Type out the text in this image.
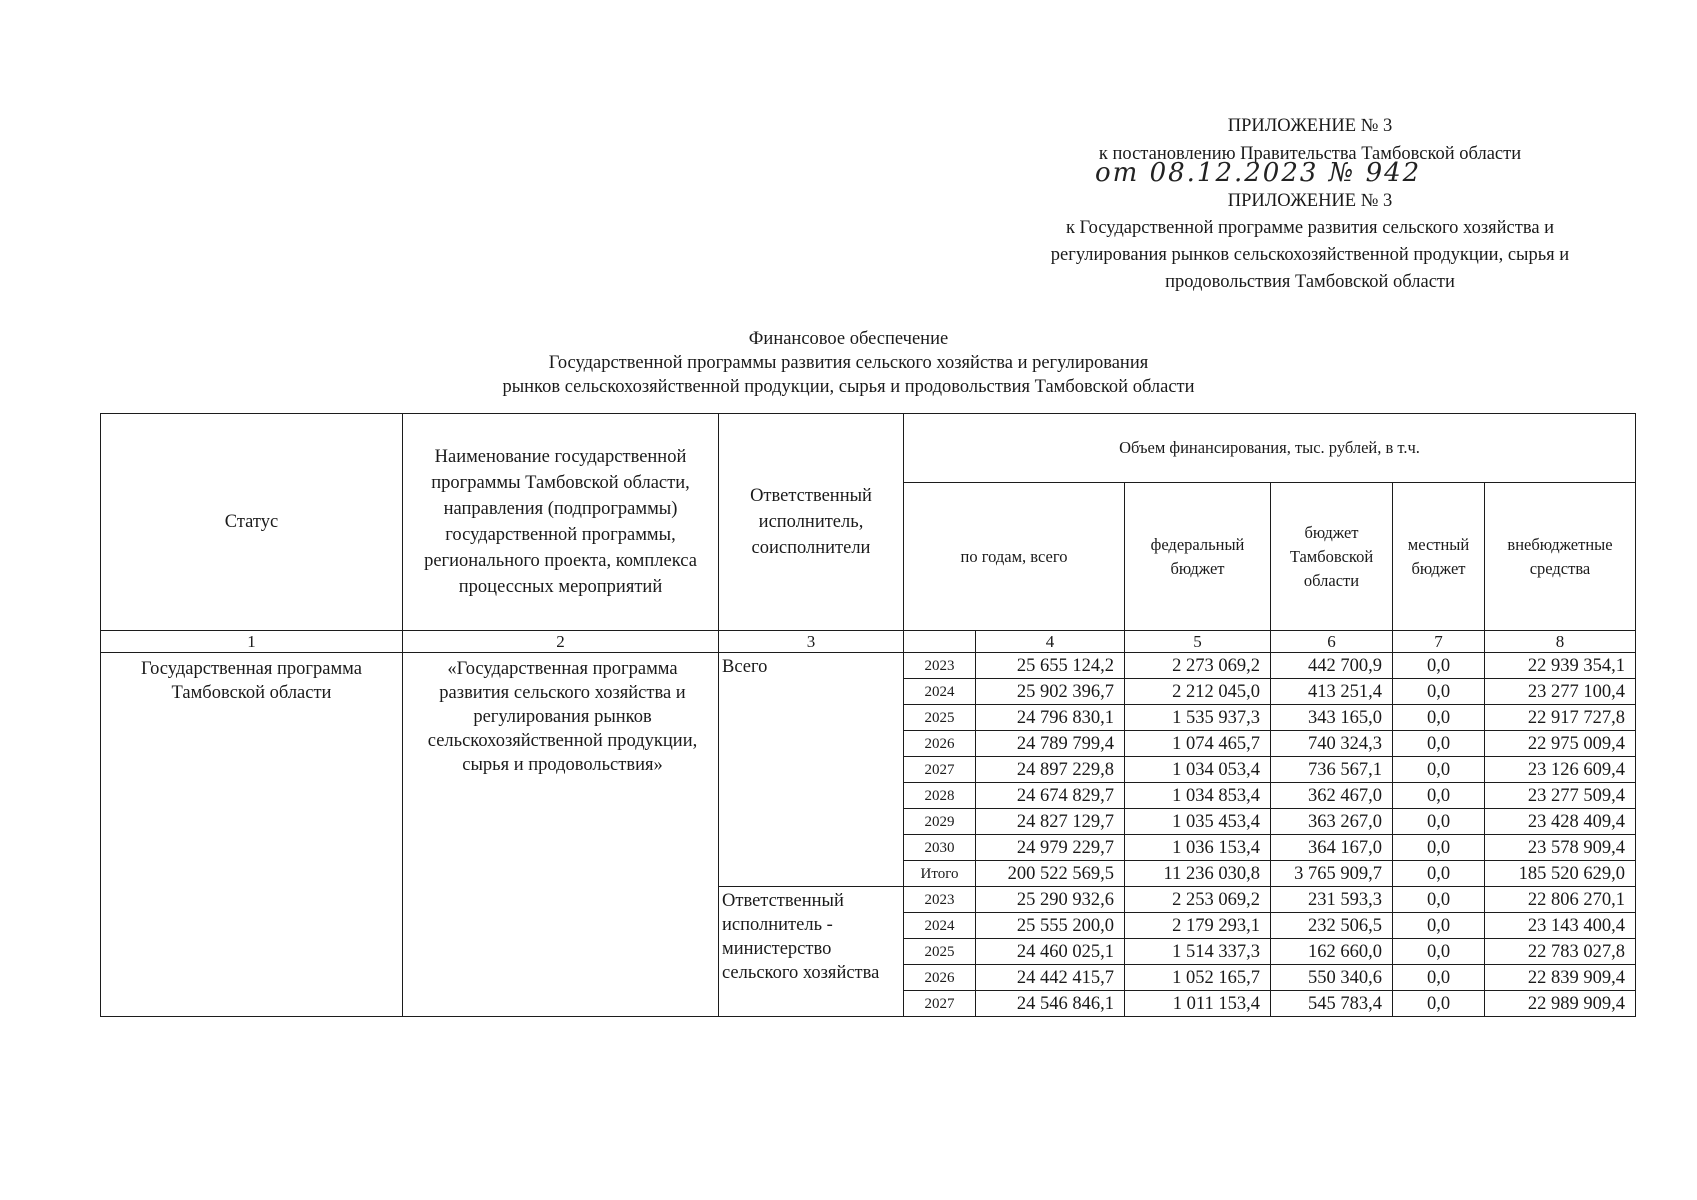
ПРИЛОЖЕНИЕ № 3

к постановлению Правительства Тамбовской области

от 08.12.2023 № 942

ПРИЛОЖЕНИЕ № 3

к Государственной программе развития сельского хозяйства и

регулирования рынков сельскохозяйственной продукции, сырья и

продовольствия Тамбовской области

Финансовое обеспечение

Государственной программы развития сельского хозяйства и регулирования

рынков сельскохозяйственной продукции, сырья и продовольствия Тамбовской области

Статус	Наименование государственной программы Тамбовской области, направления (подпрограммы) государственной программы, регионального проекта, комплекса процессных мероприятий	Ответственный исполнитель, соисполнители	Объем финансирования, тыс. рублей, в т.ч.					
			по годам, всего		федеральный бюджет	бюджет Тамбовской области	местный бюджет	внебюджетные средства
1	2	3		4	5	6	7	8
Государственная программа Тамбовской области	«Государственная программа развития сельского хозяйства и регулирования рынков сельскохозяйственной продукции, сырья и продовольствия»	Всего	2023	25 655 124,2	2 273 069,2	442 700,9	0,0	22 939 354,1
			2024	25 902 396,7	2 212 045,0	413 251,4	0,0	23 277 100,4
			2025	24 796 830,1	1 535 937,3	343 165,0	0,0	22 917 727,8
			2026	24 789 799,4	1 074 465,7	740 324,3	0,0	22 975 009,4
			2027	24 897 229,8	1 034 053,4	736 567,1	0,0	23 126 609,4
			2028	24 674 829,7	1 034 853,4	362 467,0	0,0	23 277 509,4
			2029	24 827 129,7	1 035 453,4	363 267,0	0,0	23 428 409,4
			2030	24 979 229,7	1 036 153,4	364 167,0	0,0	23 578 909,4
			Итого	200 522 569,5	11 236 030,8	3 765 909,7	0,0	185 520 629,0
		Ответственный исполнитель - министерство сельского хозяйства	2023	25 290 932,6	2 253 069,2	231 593,3	0,0	22 806 270,1
			2024	25 555 200,0	2 179 293,1	232 506,5	0,0	23 143 400,4
			2025	24 460 025,1	1 514 337,3	162 660,0	0,0	22 783 027,8
			2026	24 442 415,7	1 052 165,7	550 340,6	0,0	22 839 909,4
			2027	24 546 846,1	1 011 153,4	545 783,4	0,0	22 989 909,4
